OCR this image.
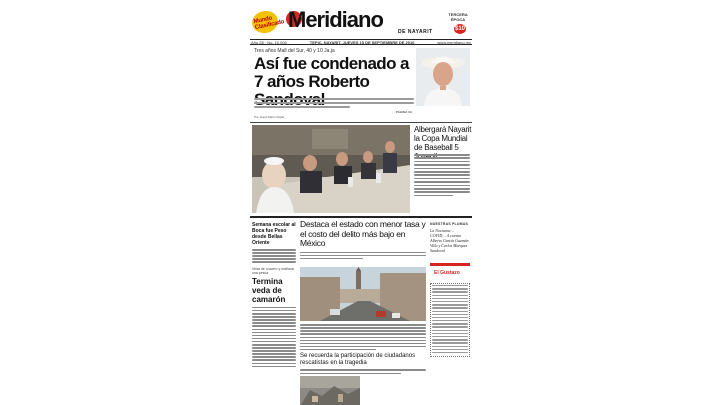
Mundo Clasificado Meridiano	DE NAYARIT
TERCERA ÉPOCA
$10
Año 28 · No. 10,000	TEPIC, NAYARIT, JUEVES 15 DE SEPTIEMBRE DE 2016	www.meridiano.mx
Tres años Mall del Sur, 40 y 10 Ja.ja
Así fue condenado a 7 años Roberto
Por Jesús Mario Rojas
PÁGINA 3A
Albergará Nayarit la Copa Mundial de Baseball 5
Semana escolar al Boca fue Peso desde Bellas Oriente
Veda de crucero y mañana una pesca
Termina veda de camarón
Destaca el estado con menor tasa y el costo del delito más bajo en México
Se recuerda la participación de ciudadanos rescatistas en la tragedia
NUESTRAS PLUMAS
La Nocturna… COVID… A cuenta Alberto García Guzmán Villa y Carlos Marquez Sandoval
El Gustazo
